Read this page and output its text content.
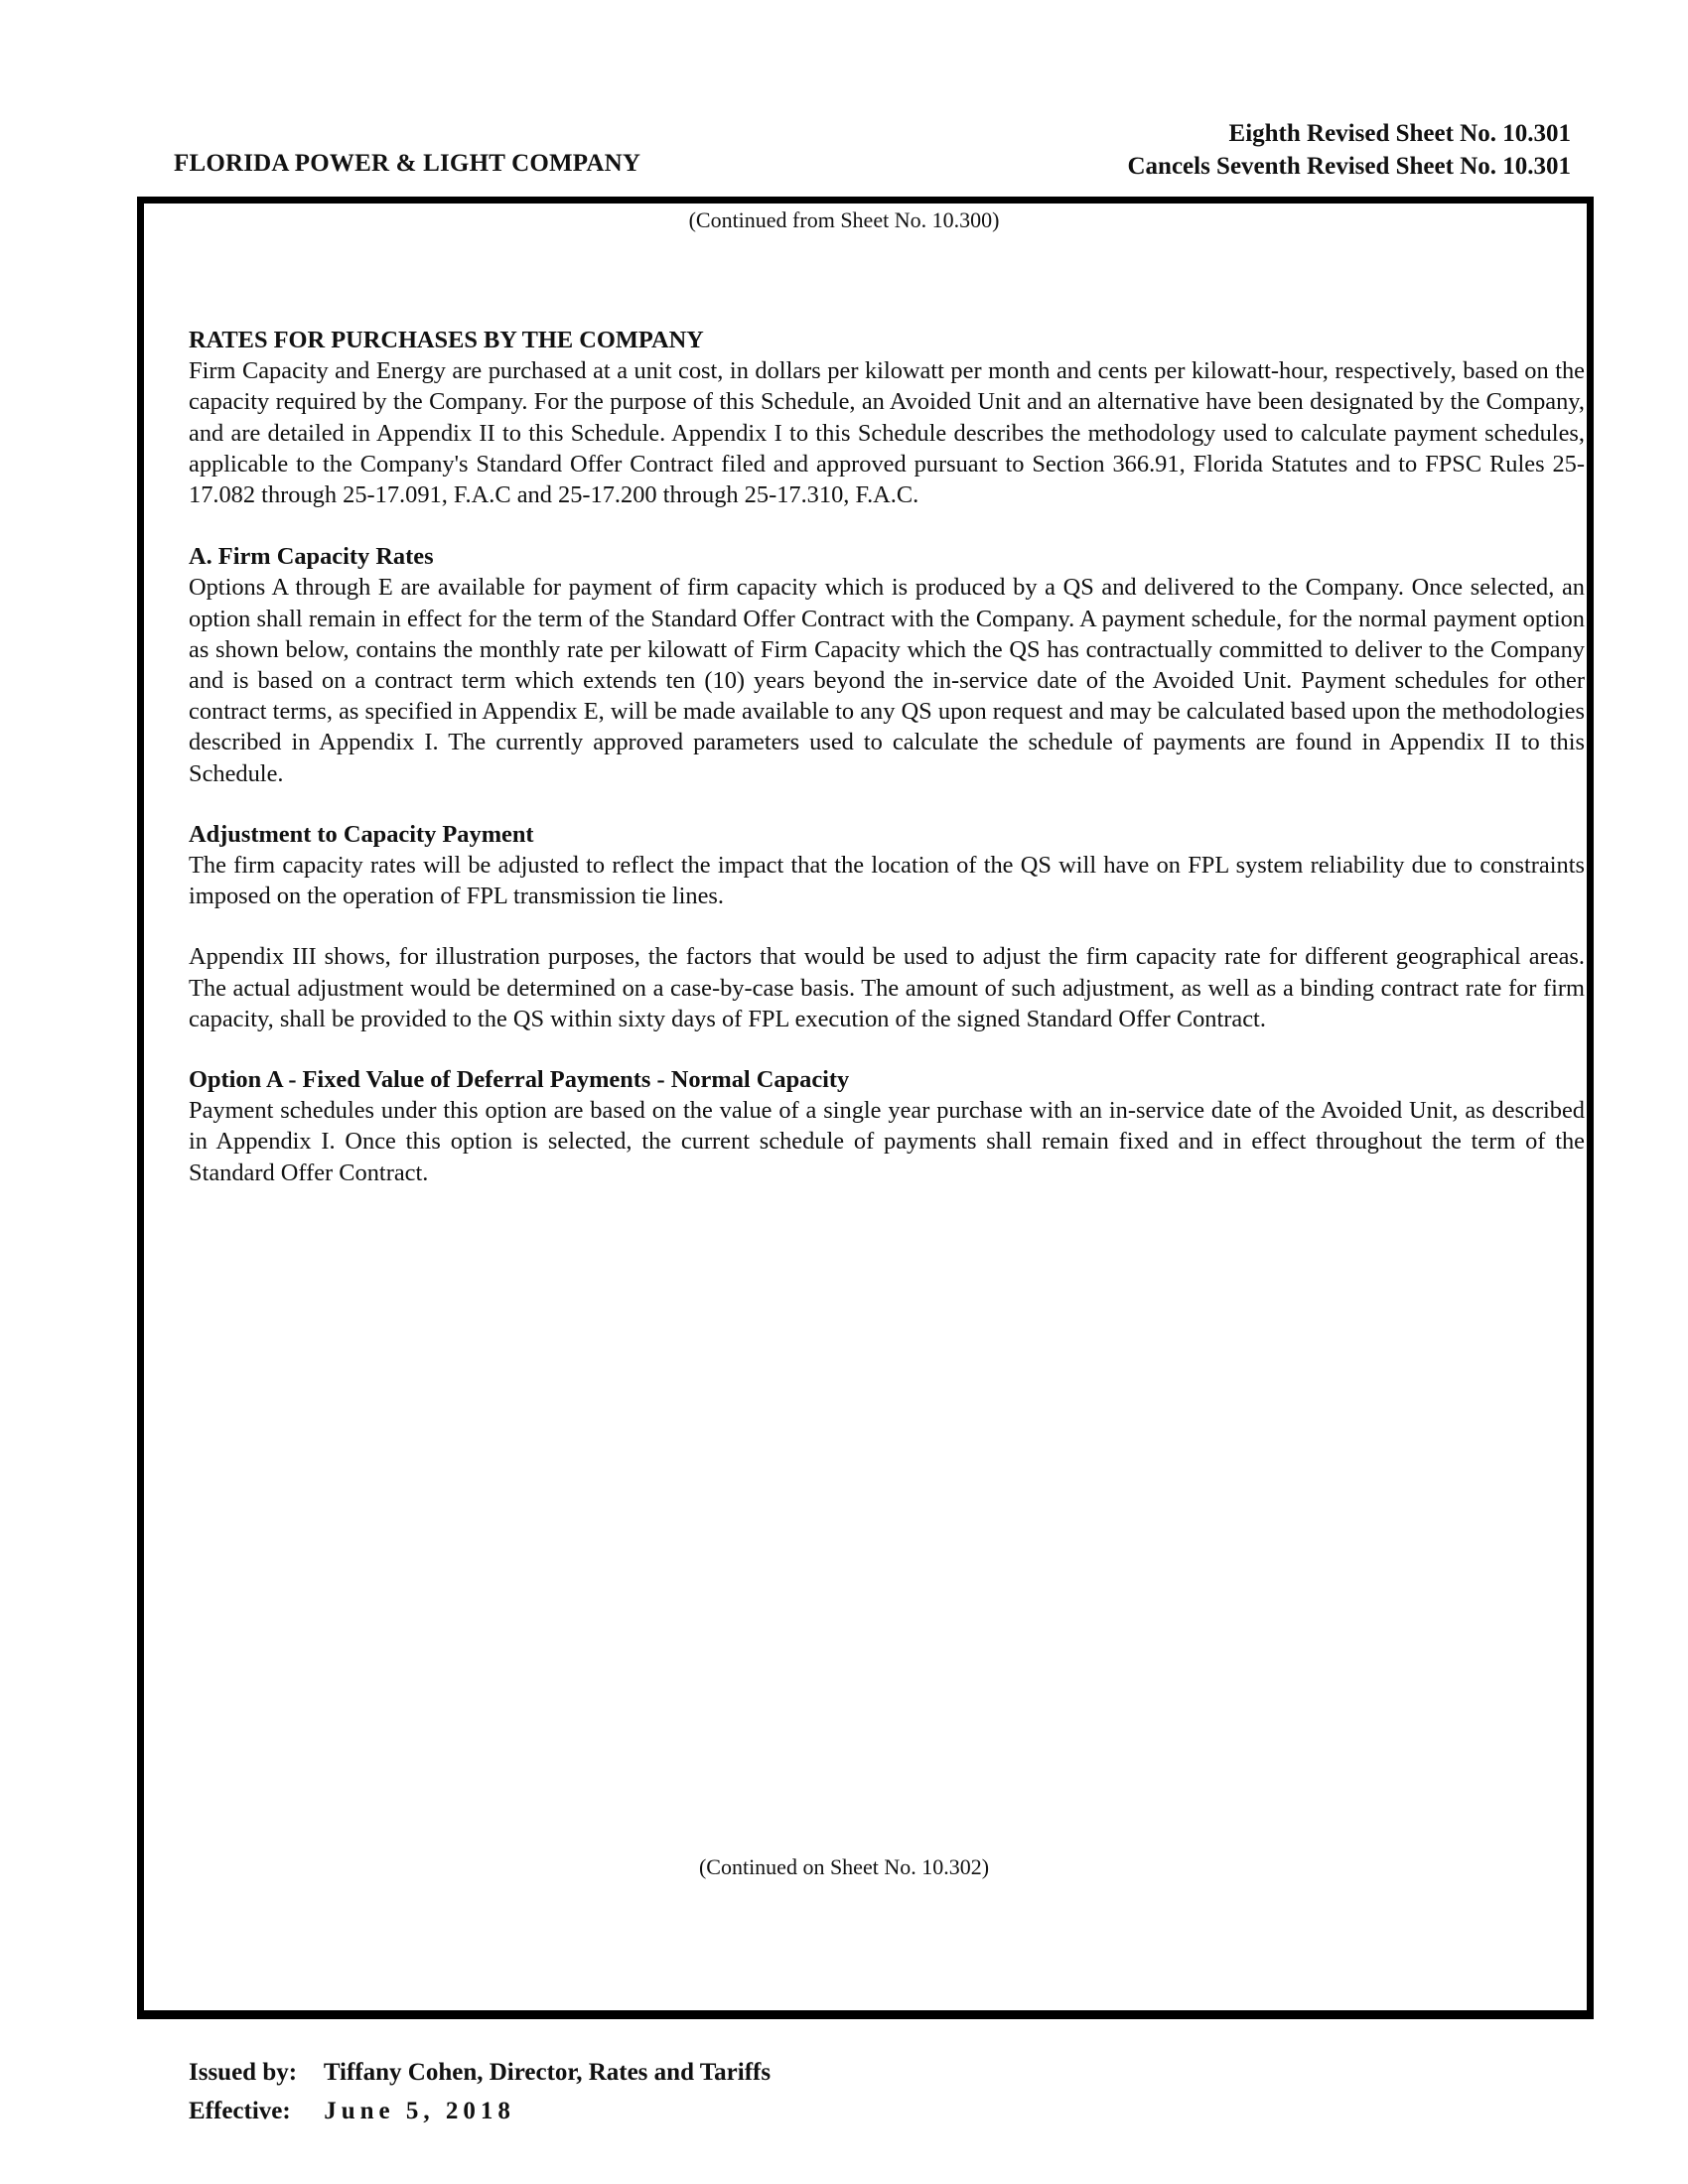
Eighth Revised Sheet No. 10.301
Cancels Seventh Revised Sheet No. 10.301
FLORIDA POWER & LIGHT COMPANY
(Continued from Sheet No. 10.300)

RATES FOR PURCHASES BY THE COMPANY

Firm Capacity and Energy are purchased at a unit cost, in dollars per kilowatt per month and cents per kilowatt-hour, respectively, based on the capacity required by the Company. For the purpose of this Schedule, an Avoided Unit and an alternative have been designated by the Company, and are detailed in Appendix II to this Schedule. Appendix I to this Schedule describes the methodology used to calculate payment schedules, applicable to the Company's Standard Offer Contract filed and approved pursuant to Section 366.91, Florida Statutes and to FPSC Rules 25-17.082 through 25-17.091, F.A.C and 25-17.200 through 25-17.310, F.A.C.

A. Firm Capacity Rates

Options A through E are available for payment of firm capacity which is produced by a QS and delivered to the Company. Once selected, an option shall remain in effect for the term of the Standard Offer Contract with the Company. A payment schedule, for the normal payment option as shown below, contains the monthly rate per kilowatt of Firm Capacity which the QS has contractually committed to deliver to the Company and is based on a contract term which extends ten (10) years beyond the in-service date of the Avoided Unit. Payment schedules for other contract terms, as specified in Appendix E, will be made available to any QS upon request and may be calculated based upon the methodologies described in Appendix I. The currently approved parameters used to calculate the schedule of payments are found in Appendix II to this Schedule.

Adjustment to Capacity Payment

The firm capacity rates will be adjusted to reflect the impact that the location of the QS will have on FPL system reliability due to constraints imposed on the operation of FPL transmission tie lines.

Appendix III shows, for illustration purposes, the factors that would be used to adjust the firm capacity rate for different geographical areas. The actual adjustment would be determined on a case-by-case basis. The amount of such adjustment, as well as a binding contract rate for firm capacity, shall be provided to the QS within sixty days of FPL execution of the signed Standard Offer Contract.

Option A - Fixed Value of Deferral Payments - Normal Capacity

Payment schedules under this option are based on the value of a single year purchase with an in-service date of the Avoided Unit, as described in Appendix I. Once this option is selected, the current schedule of payments shall remain fixed and in effect throughout the term of the Standard Offer Contract.

(Continued on Sheet No. 10.302)
Issued by: Tiffany Cohen, Director, Rates and Tariffs
Effective: June 5, 2018
